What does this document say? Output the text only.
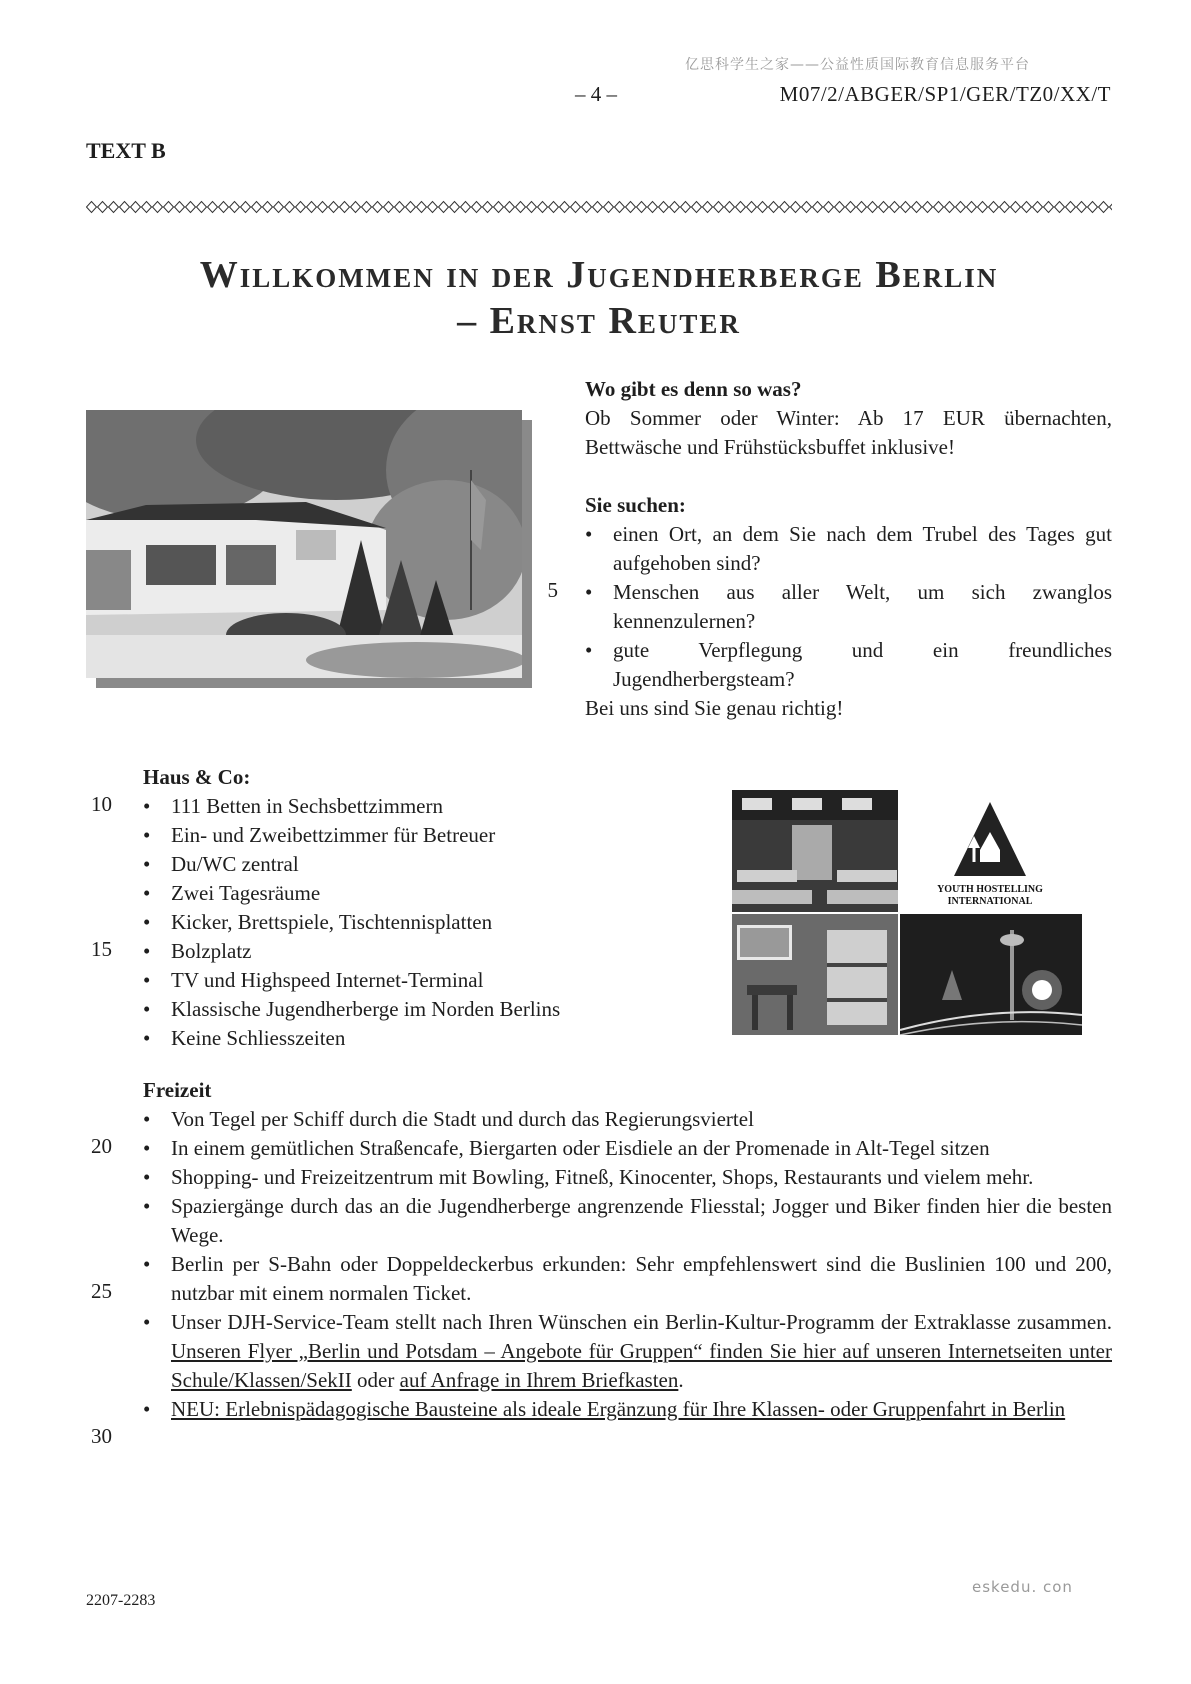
亿思科学生之家——公益性质国际教育信息服务平台
– 4 –	M07/2/ABGER/SP1/GER/TZ0/XX/T
TEXT B
Willkommen in der Jugendherberge Berlin
– Ernst Reuter

Wo gibt es denn so was?

Ob Sommer oder Winter: Ab 17 EUR übernachten, Bettwäsche und Frühstücksbuffet inklusive!

Sie suchen:

• einen Ort, an dem Sie nach dem Trubel des Tages gut aufgehoben sind?
• Menschen aus aller Welt, um sich zwanglos kennenzulernen?
• gute Verpflegung und ein freundliches Jugendherbergsteam?

Bei uns sind Sie genau richtig!

5
10
15
20
25
30
Haus & Co:
• 111 Betten in Sechsbettzimmern
• Ein- und Zweibettzimmer für Betreuer
• Du/WC zentral
• Zwei Tagesräume
• Kicker, Brettspiele, Tischtennisplatten
• Bolzplatz
• TV und Highspeed Internet-Terminal
• Klassische Jugendherberge im Norden Berlins
• Keine Schliesszeiten
YOUTH HOSTELLING
INTERNATIONAL
Freizeit
• Von Tegel per Schiff durch die Stadt und durch das Regierungsviertel
• In einem gemütlichen Straßencafe, Biergarten oder Eisdiele an der Promenade in Alt-Tegel sitzen
• Shopping- und Freizeitzentrum mit Bowling, Fitneß, Kinocenter, Shops, Restaurants und vielem mehr.
• Spaziergänge durch das an die Jugendherberge angrenzende Fliesstal; Jogger und Biker finden hier die besten Wege.
• Berlin per S-Bahn oder Doppeldeckerbus erkunden: Sehr empfehlenswert sind die Buslinien 100 und 200, nutzbar mit einem normalen Ticket.
• Unser DJH-Service-Team stellt nach Ihren Wünschen ein Berlin-Kultur-Programm der Extraklasse zusammen. Unseren Flyer „Berlin und Potsdam – Angebote für Gruppen“ finden Sie hier auf unseren Internetseiten unter Schule/Klassen/SekII oder auf Anfrage in Ihrem Briefkasten.
• NEU: Erlebnispädagogische Bausteine als ideale Ergänzung für Ihre Klassen- oder Gruppenfahrt in Berlin
2207-2283
eskedu. con
